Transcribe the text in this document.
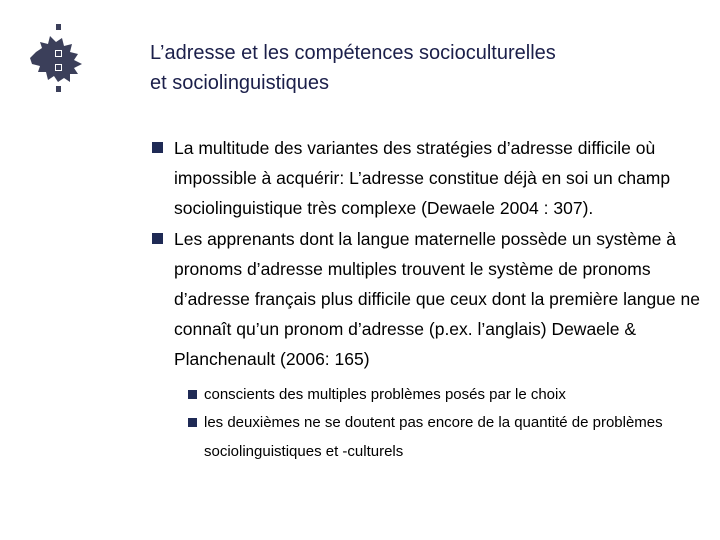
L’adresse et les compétences socioculturelles
et sociolinguistiques
La multitude des variantes des stratégies d’adresse difficile où impossible à acquérir: L’adresse constitue déjà en soi un champ sociolinguistique très complexe (Dewaele 2004 : 307).
Les apprenants dont la langue maternelle possède un système à pronoms d’adresse multiples trouvent le système de pronoms d’adresse français plus difficile que ceux dont la première langue ne connaît qu’un pronom d’adresse (p.ex. l’anglais) Dewaele & Planchenault (2006: 165)
conscients des multiples problèmes posés par le choix
les deuxièmes ne se doutent pas encore de la quantité de problèmes sociolinguistiques et -culturels
